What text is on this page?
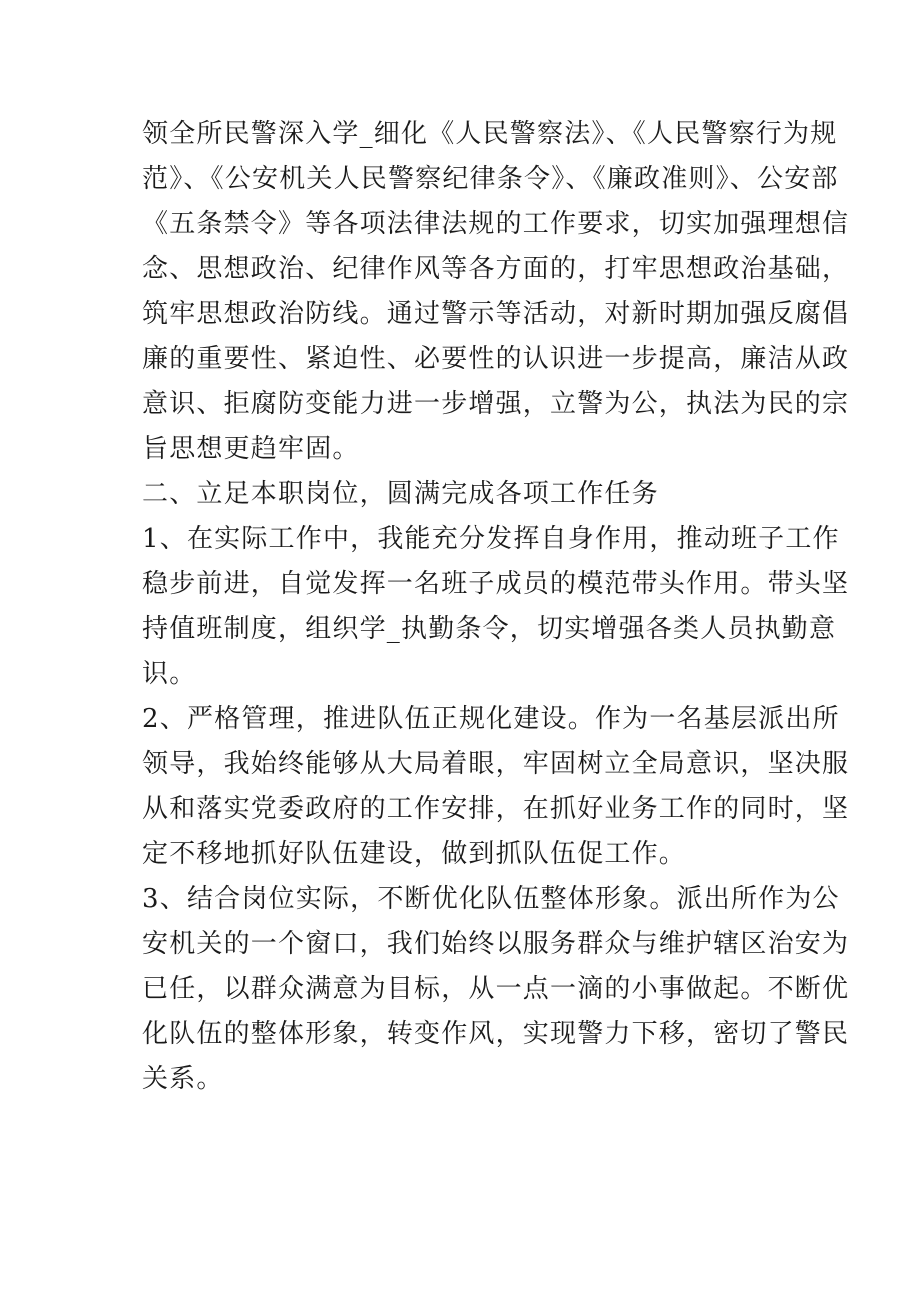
领全所民警深入学_细化《人民警察法》、《人民警察行为规
范》、《公安机关人民警察纪律条令》、《廉政准则》、公安部
《五条禁令》等各项法律法规的工作要求，切实加强理想信
念、思想政治、纪律作风等各方面的，打牢思想政治基础，
筑牢思想政治防线。通过警示等活动，对新时期加强反腐倡
廉的重要性、紧迫性、必要性的认识进一步提高，廉洁从政
意识、拒腐防变能力进一步增强，立警为公，执法为民的宗
旨思想更趋牢固。
二、立足本职岗位，圆满完成各项工作任务
1、在实际工作中，我能充分发挥自身作用，推动班子工作
稳步前进，自觉发挥一名班子成员的模范带头作用。带头坚
持值班制度，组织学_执勤条令，切实增强各类人员执勤意
识。
2、严格管理，推进队伍正规化建设。作为一名基层派出所
领导，我始终能够从大局着眼，牢固树立全局意识，坚决服
从和落实党委政府的工作安排，在抓好业务工作的同时，坚
定不移地抓好队伍建设，做到抓队伍促工作。
3、结合岗位实际，不断优化队伍整体形象。派出所作为公
安机关的一个窗口，我们始终以服务群众与维护辖区治安为
已任，以群众满意为目标，从一点一滴的小事做起。不断优
化队伍的整体形象，转变作风，实现警力下移，密切了警民
关系。
